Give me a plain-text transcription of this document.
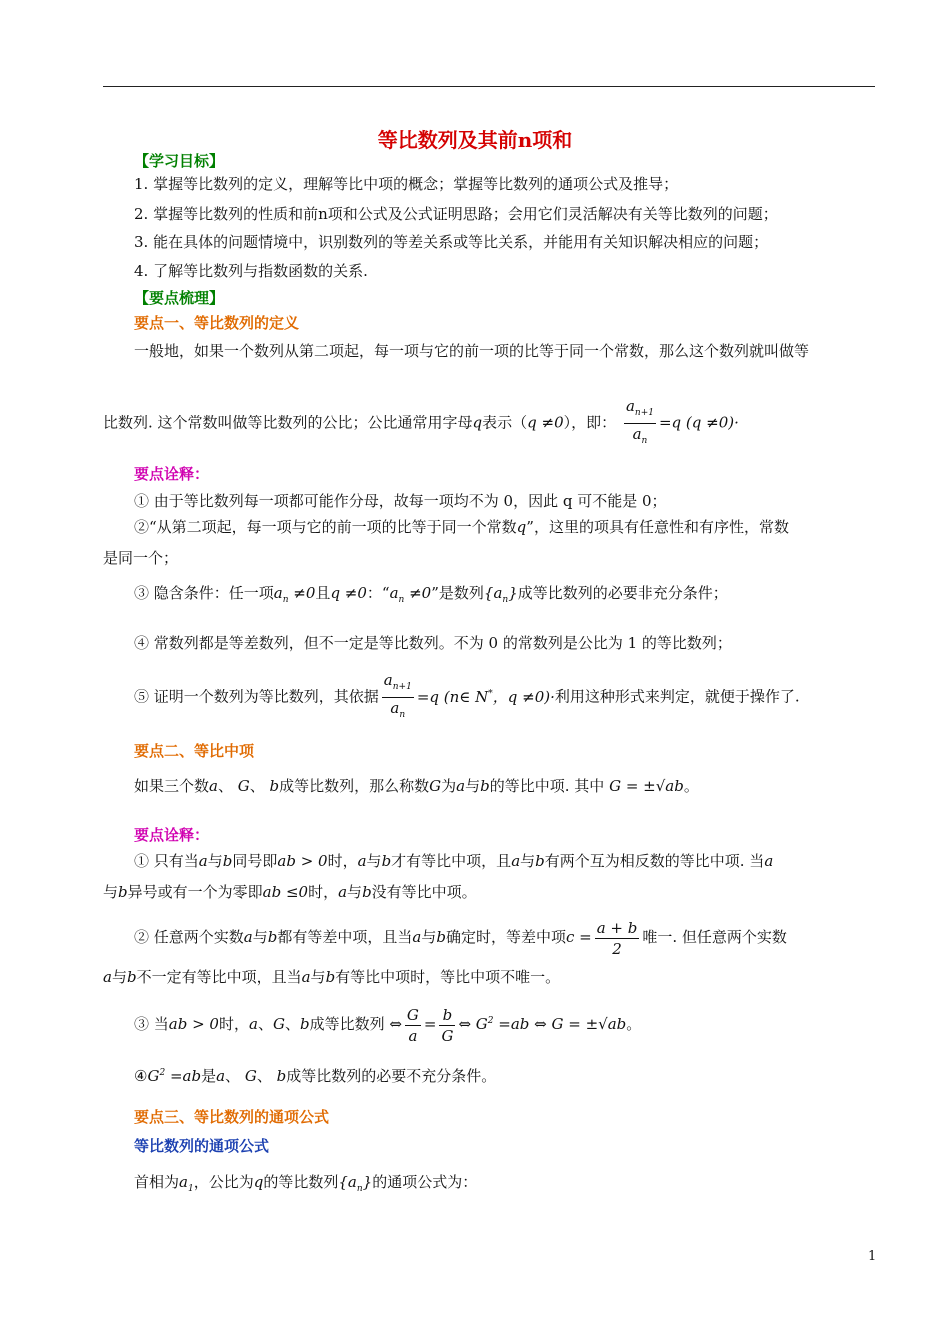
等比数列及其前n项和
【学习目标】
1. 掌握等比数列的定义，理解等比中项的概念；掌握等比数列的通项公式及推导；
2. 掌握等比数列的性质和前n项和公式及公式证明思路；会用它们灵活解决有关等比数列的问题；
3. 能在具体的问题情境中，识别数列的等差关系或等比关系，并能用有关知识解决相应的问题；
4. 了解等比数列与指数函数的关系.
【要点梳理】
要点一、等比数列的定义
一般地，如果一个数列从第二项起，每一项与它的前一项的比等于同一个常数，那么这个数列就叫做等
比数列. 这个常数叫做等比数列的公比；公比通常用字母q表示（q ≠0），即： $\frac{a_{n+1}}{a_n} =q$ (q ≠0)·
要点诠释：
① 由于等比数列每一项都可能作分母，故每一项均不为 0，因此 q 可不能是 0；
②“从第二项起，每一项与它的前一项的比等于同一个常数q”，这里的项具有任意性和有序性，常数
是同一个；
③ 隐含条件：任一项$a_n \ne 0$且q ≠0：“$a_n \ne 0$”是数列$\{a_n\}$成等比数列的必要非充分条件；
④ 常数列都是等差数列，但不一定是等比数列。不为 0 的常数列是公比为 1 的等比数列；
⑤ 证明一个数列为等比数列，其依据 $\frac{a_{n+1}}{a_n} =q$ (n∈ N*，q ≠0)·利用这种形式来判定，就便于操作了.
要点二、等比中项
如果三个数a、 G、 b成等比数列，那么称数G为a与b的等比中项. 其中 G = ±√ab。
要点诠释：
① 只有当a与b同号即ab > 0时，a与b才有等比中项，且a与b有两个互为相反数的等比中项. 当a
与b异号或有一个为零即ab ≤0时，a与b没有等比中项。
② 任意两个实数a与b都有等差中项，且当a与b确定时，等差中项$c = \frac{a + b}{2}$ 唯一. 但任意两个实数
a与b不一定有等比中项，且当a与b有等比中项时，等比中项不唯一。
③ 当ab > 0时，a、G、b成等比数列 ⇔ $\frac{G}{a} = \frac{b}{G}$ ⇔ $G^2 =ab$ ⇔ G = ±√ab。
$④G^2 =ab$是a、 G、 b成等比数列的必要不充分条件。
要点三、等比数列的通项公式
等比数列的通项公式
首相为$a_1$，公比为q的等比数列$\{a_n\}$的通项公式为：
1
